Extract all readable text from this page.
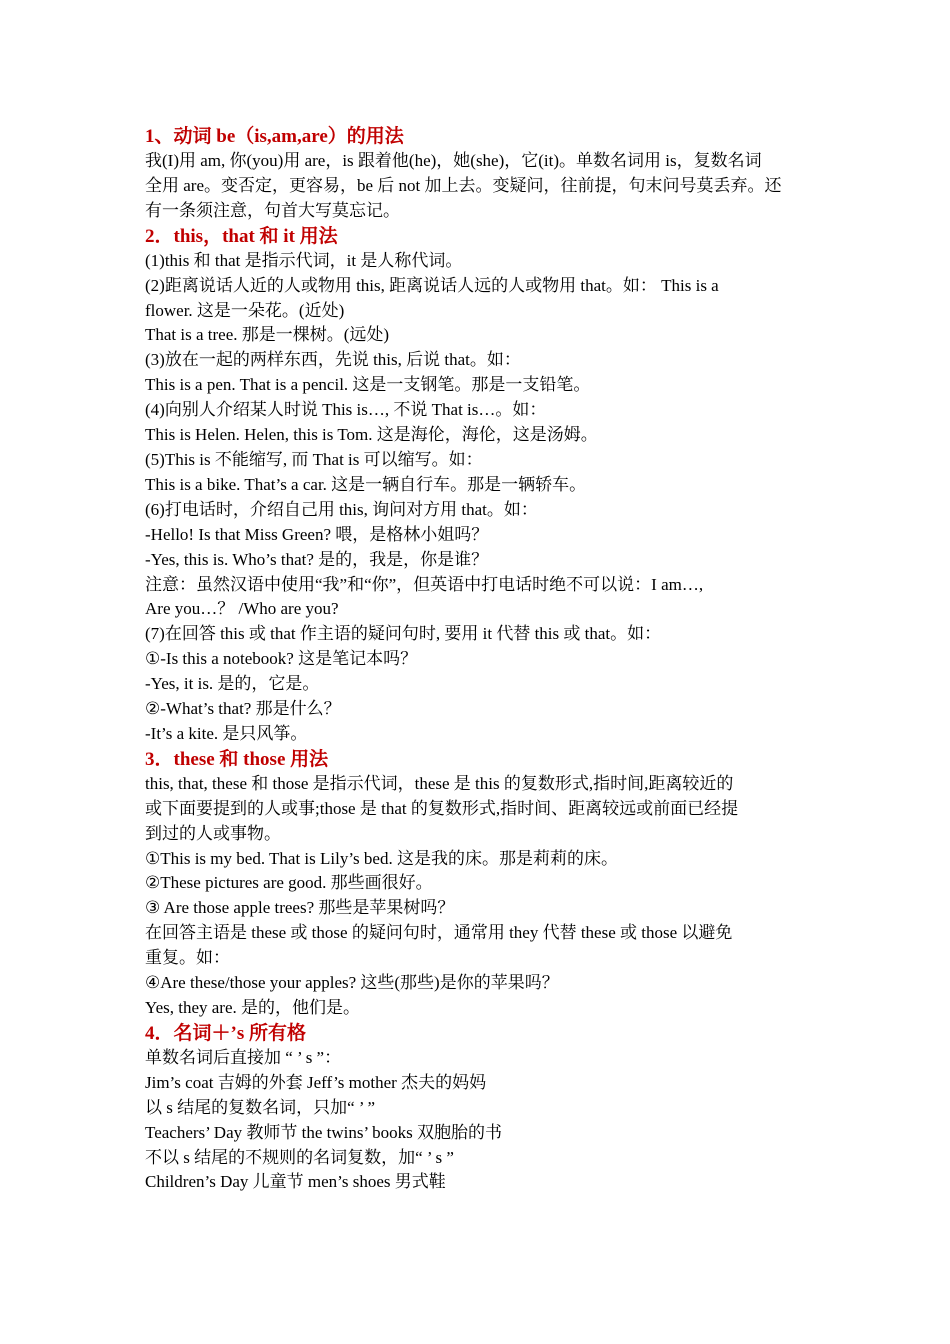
1、动词 be（is,am,are）的用法

我(I)用 am, 你(you)用 are，is 跟着他(he)，她(she)，它(it)。单数名词用 is，复数名词

全用 are。变否定，更容易，be 后 not 加上去。变疑问，往前提，句末问号莫丢弃。还

有一条须注意，句首大写莫忘记。

2．this，that 和 it 用法

(1)this 和 that 是指示代词，it 是人称代词。

(2)距离说话人近的人或物用 this, 距离说话人远的人或物用 that。如： This is a

flower. 这是一朵花。(近处)

That is a tree. 那是一棵树。(远处)

(3)放在一起的两样东西，先说 this, 后说 that。如：

This is a pen. That is a pencil. 这是一支钢笔。那是一支铅笔。

(4)向别人介绍某人时说 This is…, 不说 That is…。如：

This is Helen. Helen, this is Tom. 这是海伦，海伦，这是汤姆。

(5)This is 不能缩写, 而 That is 可以缩写。如：

This is a bike. That’s a car. 这是一辆自行车。那是一辆轿车。

(6)打电话时，介绍自己用 this, 询问对方用 that。如：

-Hello! Is that Miss Green? 喂，是格林小姐吗？

-Yes, this is. Who’s that? 是的，我是，你是谁？

注意：虽然汉语中使用“我”和“你”，但英语中打电话时绝不可以说：I am…,

Are you…？ /Who are you?

(7)在回答 this 或 that 作主语的疑问句时, 要用 it 代替 this 或 that。如：

①-Is this a notebook? 这是笔记本吗？

-Yes, it is. 是的，它是。

②-What’s that? 那是什么？

-It’s a kite. 是只风筝。

3．these 和 those 用法

this, that, these 和 those 是指示代词，these 是 this 的复数形式,指时间,距离较近的

或下面要提到的人或事;those 是 that 的复数形式,指时间、距离较远或前面已经提

到过的人或事物。

①This is my bed. That is Lily’s bed. 这是我的床。那是莉莉的床。

②These pictures are good. 那些画很好。

③ Are those apple trees? 那些是苹果树吗？

在回答主语是 these 或 those 的疑问句时，通常用 they 代替 these 或 those 以避免

重复。如：

④Are these/those your apples? 这些(那些)是你的苹果吗？

Yes, they are. 是的，他们是。

4．名词＋’s 所有格

单数名词后直接加 “ ’ s ”：

Jim’s coat 吉姆的外套 Jeff’s mother 杰夫的妈妈

以 s 结尾的复数名词，只加“ ’ ”

Teachers’ Day 教师节 the twins’ books 双胞胎的书

不以 s 结尾的不规则的名词复数，加“ ’ s ”

Children’s Day 儿童节 men’s shoes 男式鞋
